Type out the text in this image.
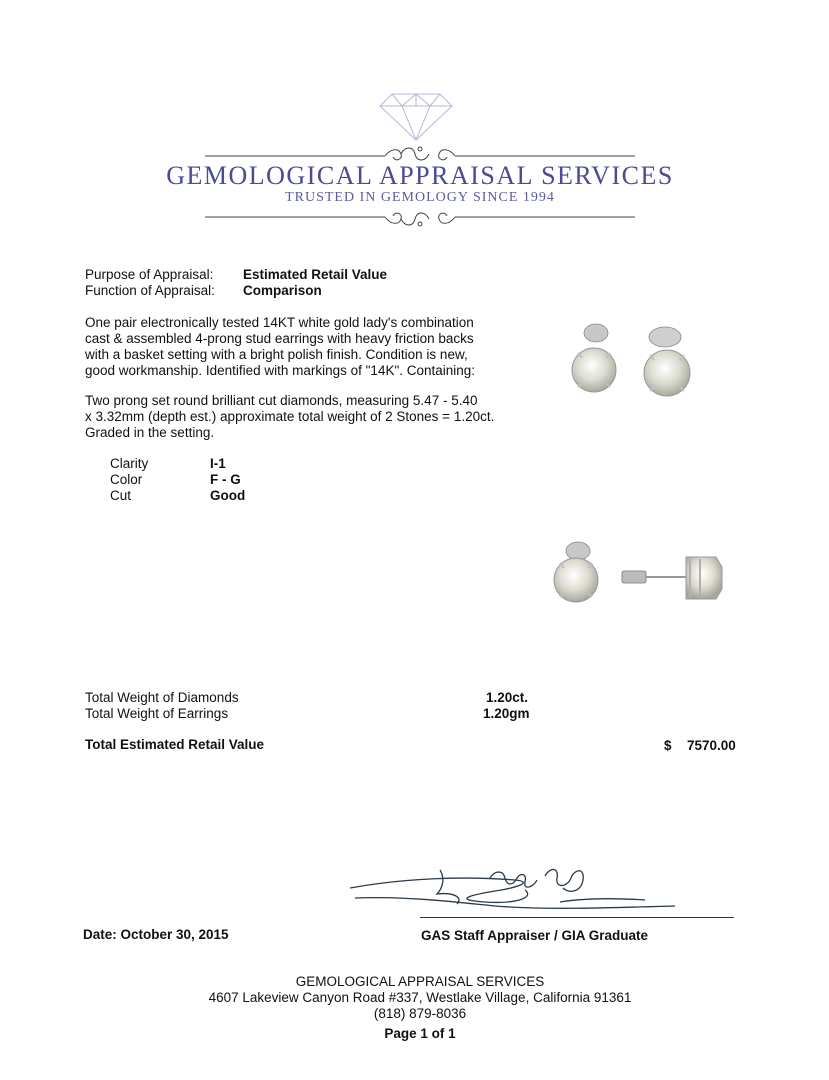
GEMOLOGICAL APPRAISAL SERVICES
TRUSTED IN GEMOLOGY SINCE 1994
Purpose of Appraisal: Estimated Retail Value
Function of Appraisal: Comparison
One pair electronically tested 14KT white gold lady's combination
cast & assembled 4-prong stud earrings with heavy friction backs
with a basket setting with a bright polish finish. Condition is new,
good workmanship. Identified with markings of "14K". Containing:
Two prong set round brilliant cut diamonds, measuring 5.47 - 5.40
x 3.32mm (depth est.) approximate total weight of 2 Stones = 1.20ct.
Graded in the setting.
Clarity	I-1
Color	F - G
Cut	Good
Total Weight of Diamonds	1.20ct.
Total Weight of Earrings	1.20gm
Total Estimated Retail Value	$ 7570.00
Date: October 30, 2015	GAS Staff Appraiser / GIA Graduate
GEMOLOGICAL APPRAISAL SERVICES
4607 Lakeview Canyon Road #337, Westlake Village, California 91361
(818) 879-8036
Page 1 of 1
